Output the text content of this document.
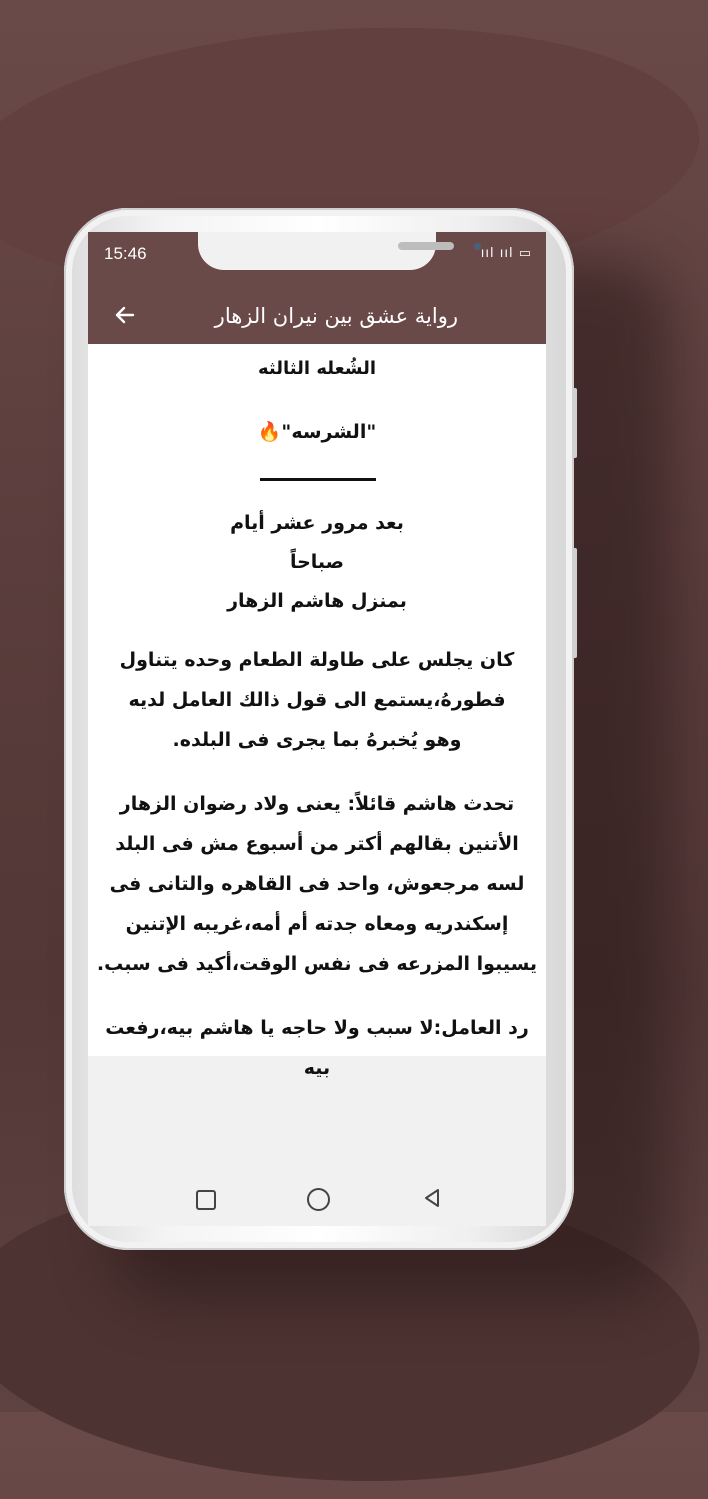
15:46	ııl ııl ▭
رواية عشق بين نيران الزهار

الشُعله الثالثه

"الشرسه"🔥

بعد مرور عشر أيام
صباحاً
بمنزل هاشم الزهار

كان يجلس على طاولة الطعام وحده يتناول فطورهُ،يستمع الى قول ذالك العامل لديه وهو يُخبرهُ بما يجرى فى البلده.

تحدث هاشم قائلاً: يعنى ولاد رضوان الزهار الأتنين بقالهم أكتر من أسبوع مش فى البلد لسه مرجعوش، واحد فى القاهره والتانى فى إسكندريه ومعاه جدته أم أمه،غريبه الإتنين يسيبوا المزرعه فى نفس الوقت،أكيد فى سبب.

رد العامل:لا سبب ولا حاجه يا هاشم بيه،رفعت بيه
